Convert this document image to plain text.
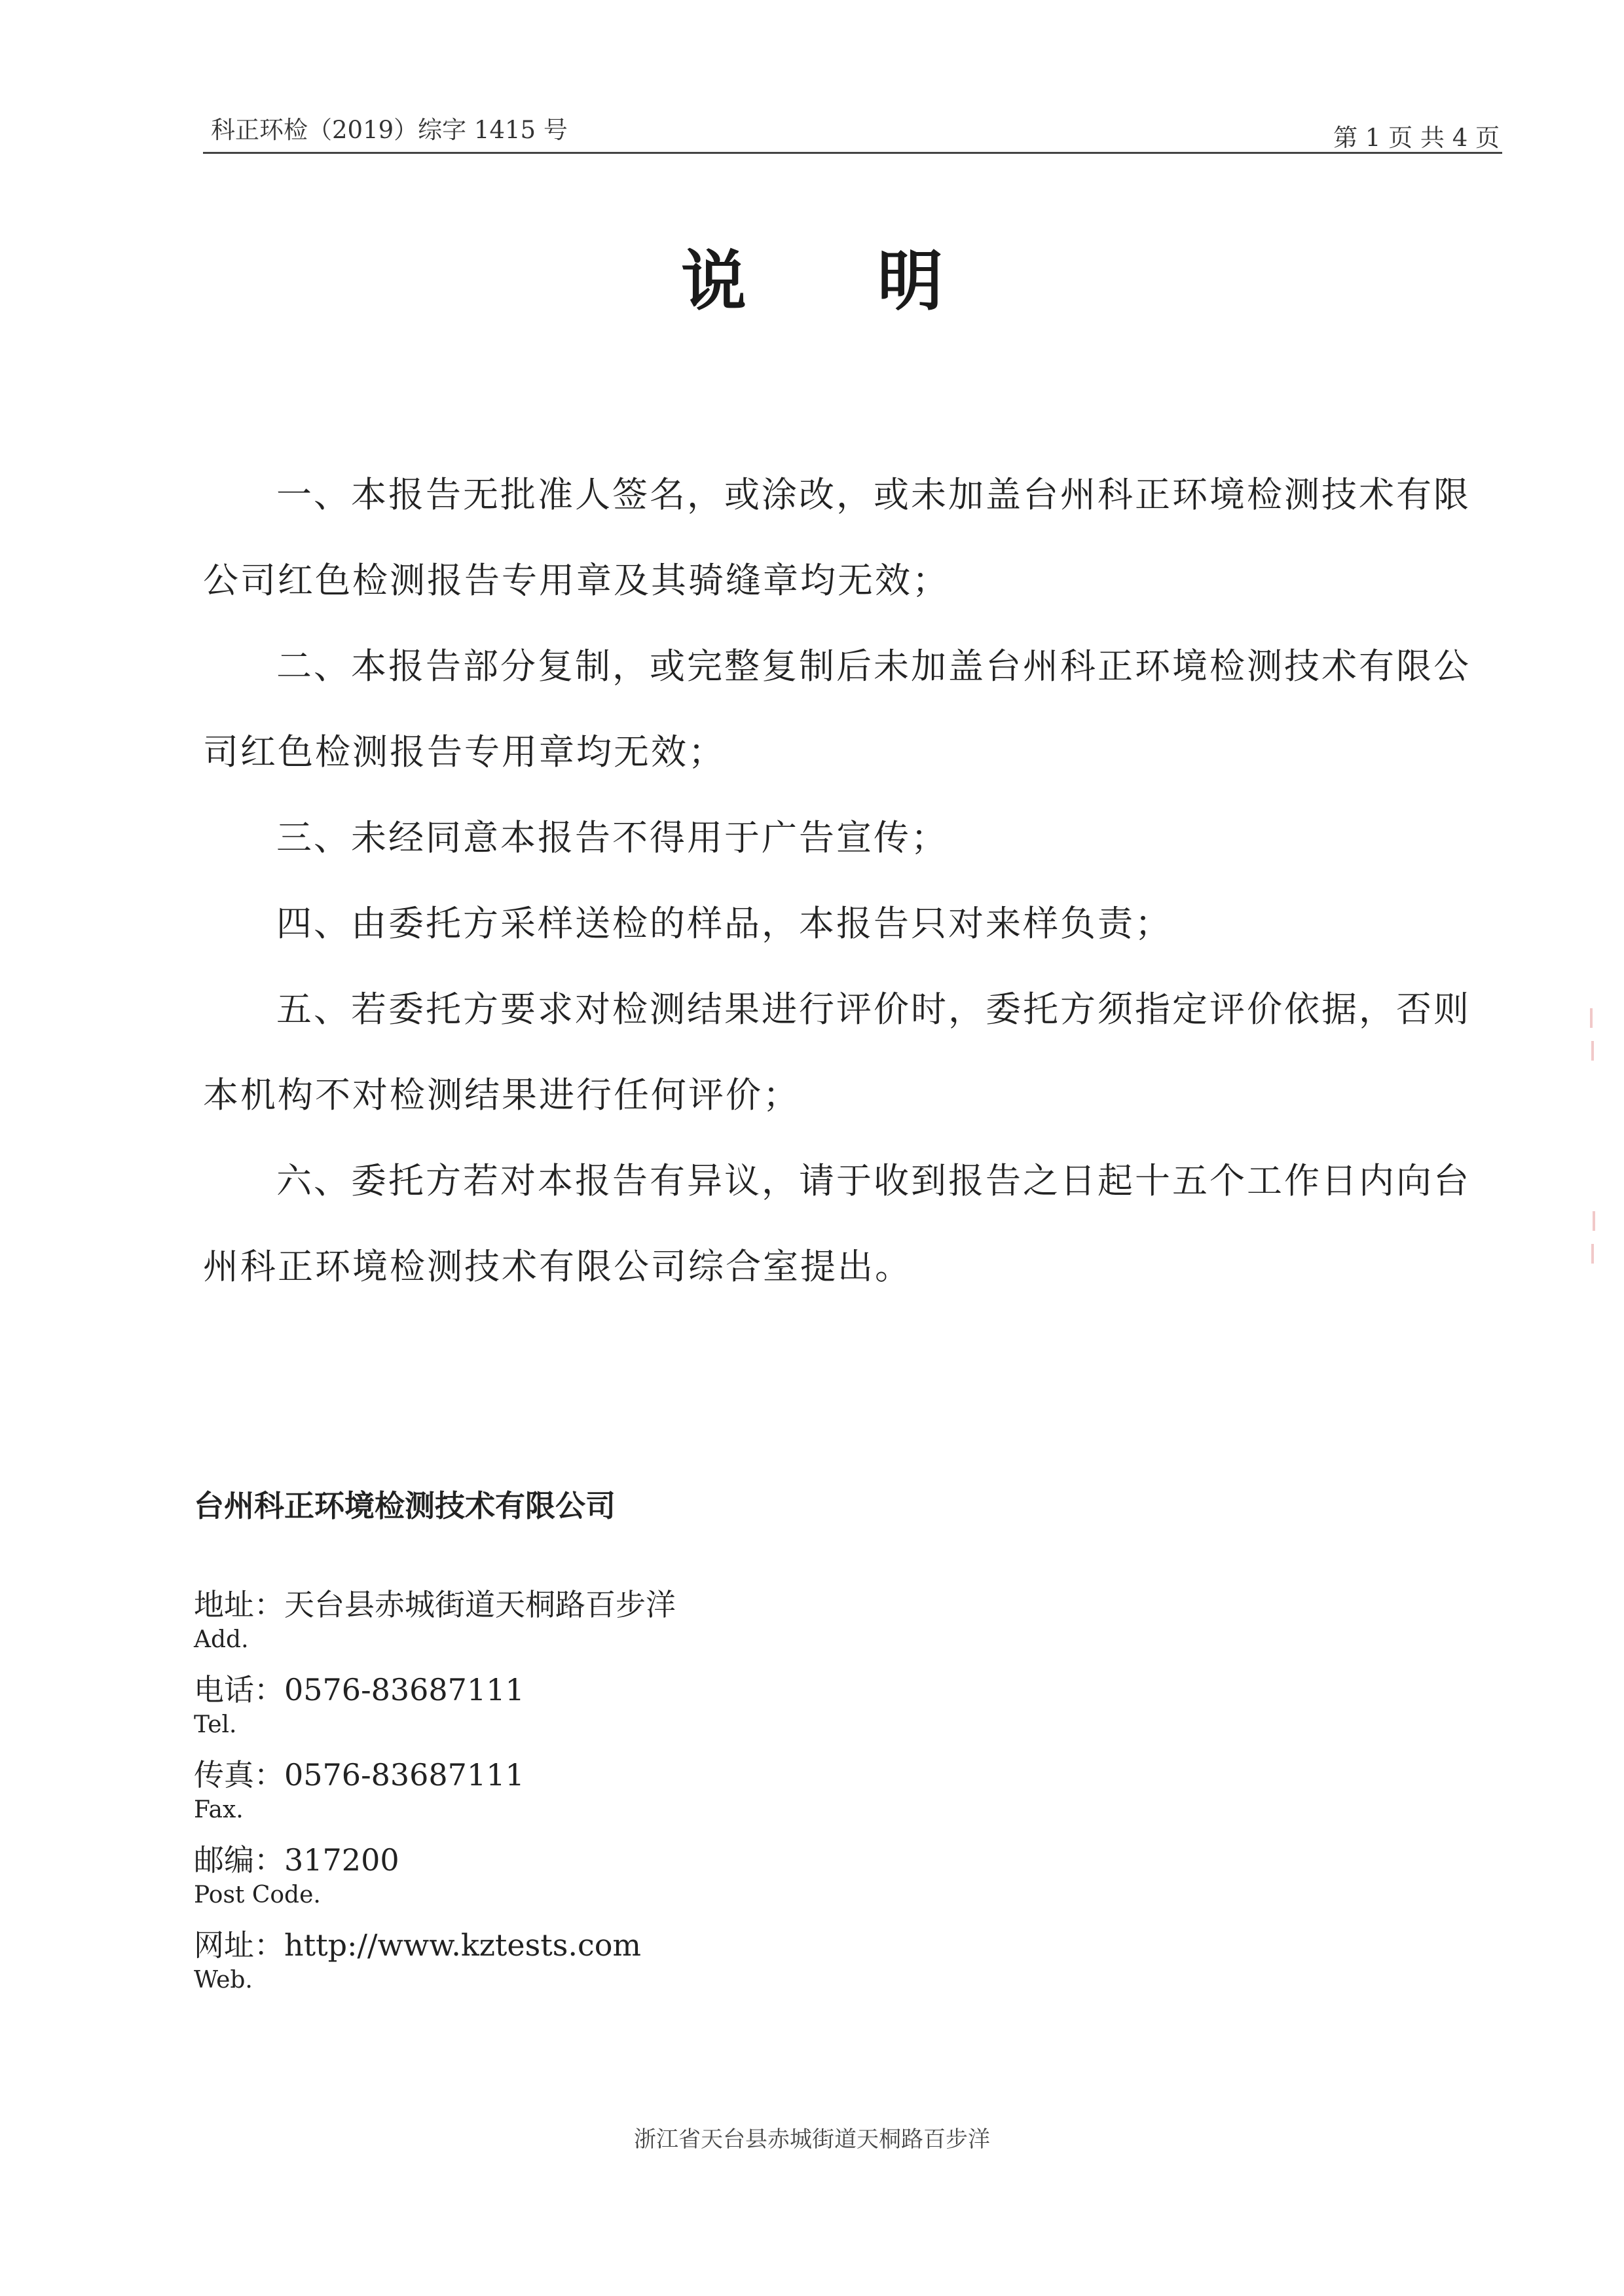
科正环检（2019）综字 1415 号	第 1 页 共 4 页
说明
一、本报告无批准人签名，或涂改，或未加盖台州科正环境检测技术有限公司红色检测报告专用章及其骑缝章均无效；
二、本报告部分复制，或完整复制后未加盖台州科正环境检测技术有限公司红色检测报告专用章均无效；
三、未经同意本报告不得用于广告宣传；
四、由委托方采样送检的样品，本报告只对来样负责；
五、若委托方要求对检测结果进行评价时，委托方须指定评价依据，否则本机构不对检测结果进行任何评价；
六、委托方若对本报告有异议，请于收到报告之日起十五个工作日内向台州科正环境检测技术有限公司综合室提出。
台州科正环境检测技术有限公司
地址：天台县赤城街道天桐路百步洋
Add.
电话：0576-83687111
Tel.
传真：0576-83687111
Fax.
邮编：317200
Post Code.
网址：http://www.kztests.com
Web.
浙江省天台县赤城街道天桐路百步洋
